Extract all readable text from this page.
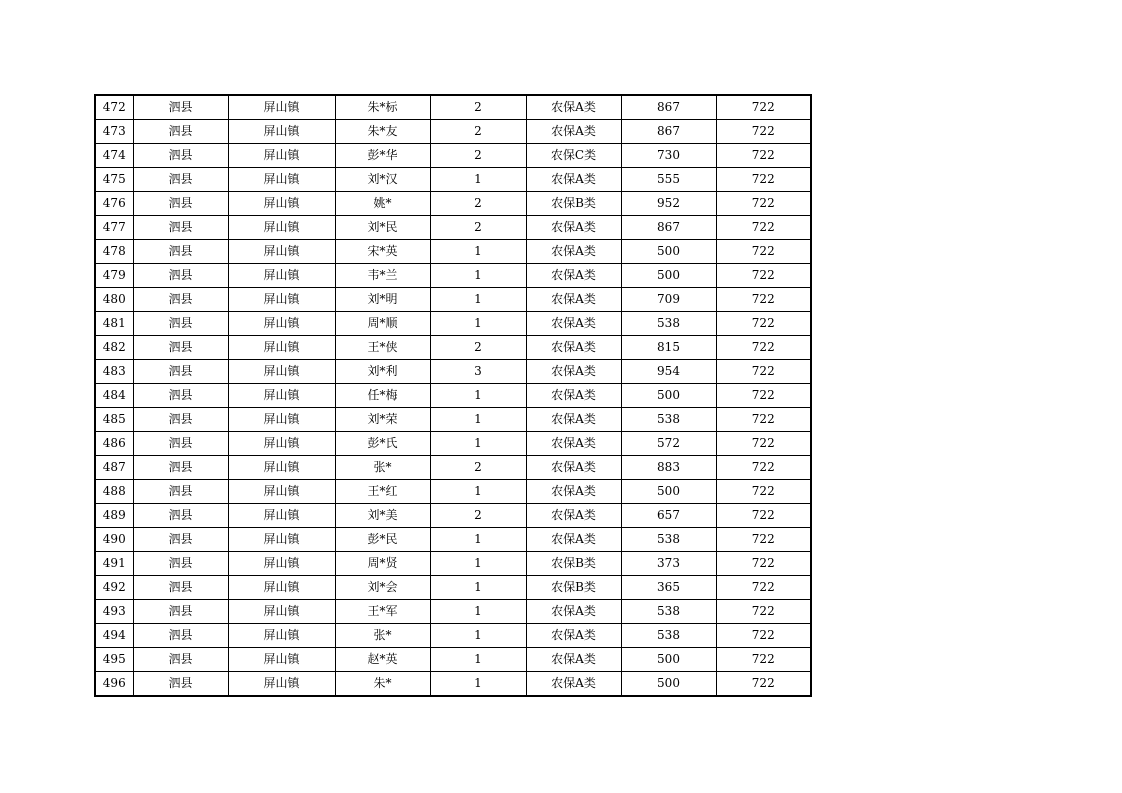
472	泗县	屏山镇	朱*标	2	农保A类	867	722
473	泗县	屏山镇	朱*友	2	农保A类	867	722
474	泗县	屏山镇	彭*华	2	农保C类	730	722
475	泗县	屏山镇	刘*汉	1	农保A类	555	722
476	泗县	屏山镇	姚*	2	农保B类	952	722
477	泗县	屏山镇	刘*民	2	农保A类	867	722
478	泗县	屏山镇	宋*英	1	农保A类	500	722
479	泗县	屏山镇	韦*兰	1	农保A类	500	722
480	泗县	屏山镇	刘*明	1	农保A类	709	722
481	泗县	屏山镇	周*顺	1	农保A类	538	722
482	泗县	屏山镇	王*侠	2	农保A类	815	722
483	泗县	屏山镇	刘*利	3	农保A类	954	722
484	泗县	屏山镇	任*梅	1	农保A类	500	722
485	泗县	屏山镇	刘*荣	1	农保A类	538	722
486	泗县	屏山镇	彭*氏	1	农保A类	572	722
487	泗县	屏山镇	张*	2	农保A类	883	722
488	泗县	屏山镇	王*红	1	农保A类	500	722
489	泗县	屏山镇	刘*美	2	农保A类	657	722
490	泗县	屏山镇	彭*民	1	农保A类	538	722
491	泗县	屏山镇	周*贤	1	农保B类	373	722
492	泗县	屏山镇	刘*会	1	农保B类	365	722
493	泗县	屏山镇	王*军	1	农保A类	538	722
494	泗县	屏山镇	张*	1	农保A类	538	722
495	泗县	屏山镇	赵*英	1	农保A类	500	722
496	泗县	屏山镇	朱*	1	农保A类	500	722
